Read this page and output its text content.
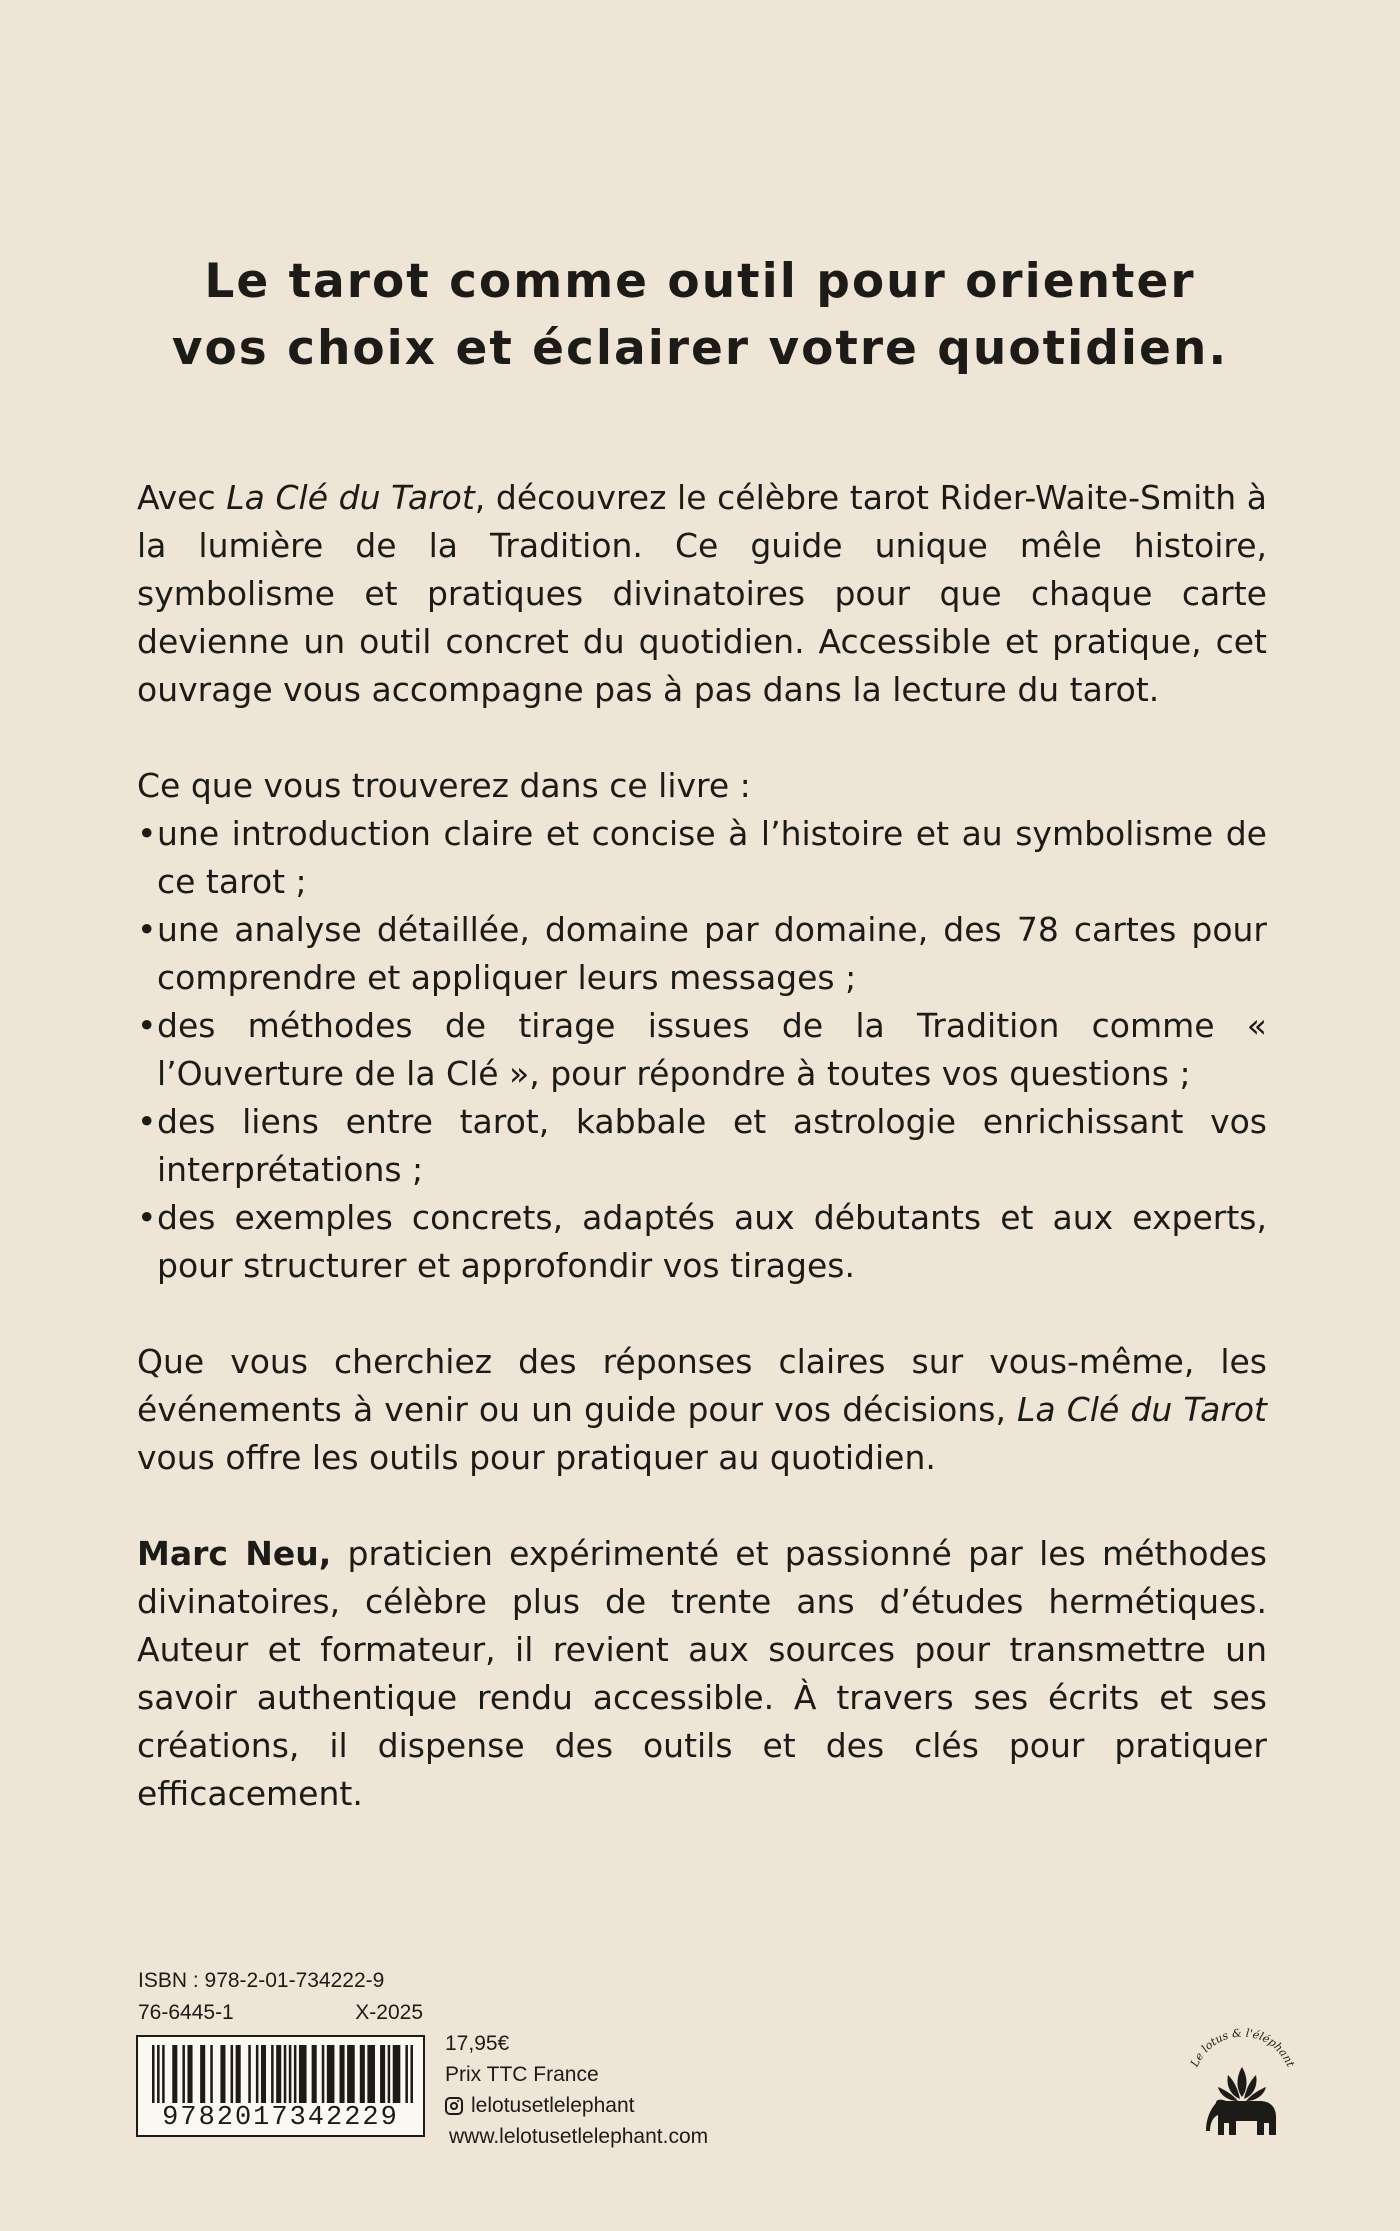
Le tarot comme outil pour orienter
vos choix et éclairer votre quotidien.

Avec La Clé du Tarot, découvrez le célèbre tarot Rider-Waite-Smith à la lumière de la Tradition. Ce guide unique mêle histoire, symbolisme et pratiques divinatoires pour que chaque carte devienne un outil concret du quotidien. Accessible et pratique, cet ouvrage vous accompagne pas à pas dans la lecture du tarot.

Ce que vous trouverez dans ce livre :

• une introduction claire et concise à l’histoire et au symbolisme de ce tarot ;
• une analyse détaillée, domaine par domaine, des 78 cartes pour comprendre et appliquer leurs messages ;
• des méthodes de tirage issues de la Tradition comme « l’Ouverture de la Clé », pour répondre à toutes vos questions ;
• des liens entre tarot, kabbale et astrologie enrichissant vos interprétations ;
• des exemples concrets, adaptés aux débutants et aux experts, pour structurer et approfondir vos tirages.

Que vous cherchiez des réponses claires sur vous-même, les événements à venir ou un guide pour vos décisions, La Clé du Tarot vous offre les outils pour pratiquer au quotidien.

Marc Neu, praticien expérimenté et passionné par les méthodes divinatoires, célèbre plus de trente ans d’études hermétiques. Auteur et formateur, il revient aux sources pour transmettre un savoir authentique rendu accessible. À travers ses écrits et ses créations, il dispense des outils et des clés pour pratiquer efficacement.

ISBN : 978-2-01-734222-9
76-6445-1	X-2025
9782017342229
17,95€
Prix TTC France
lelotusetlelephant
www.lelotusetlelephant.com
Le lotus & l'éléphant
